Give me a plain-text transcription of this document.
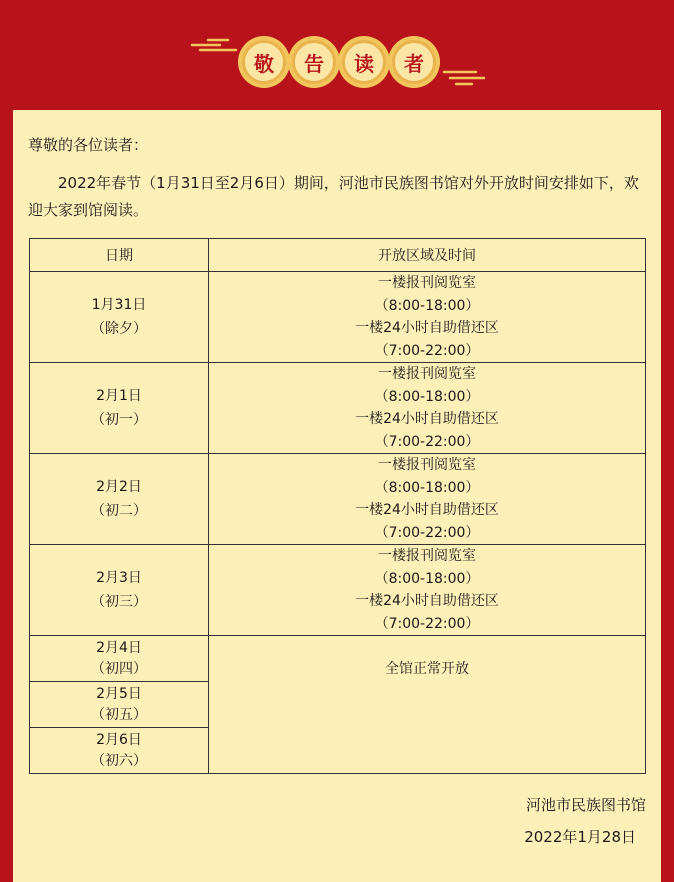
敬	告	读	者

尊敬的各位读者：

2022年春节（1月31日至2月6日）期间，河池市民族图书馆对外开放时间安排如下，欢迎大家到馆阅读。

日期	开放区域及时间

1月31日
（除夕）	一楼报刊阅览室
（8:00-18:00）
一楼24小时自助借还区
（7:00-22:00）

2月1日
（初一）	一楼报刊阅览室
（8:00-18:00）
一楼24小时自助借还区
（7:00-22:00）

2月2日
（初二）	一楼报刊阅览室
（8:00-18:00）
一楼24小时自助借还区
（7:00-22:00）

2月3日
（初三）	一楼报刊阅览室
（8:00-18:00）
一楼24小时自助借还区
（7:00-22:00）

2月4日
（初四）	全馆正常开放

2月5日
（初五）	

2月6日
（初六）	

河池市民族图书馆

2022年1月28日
